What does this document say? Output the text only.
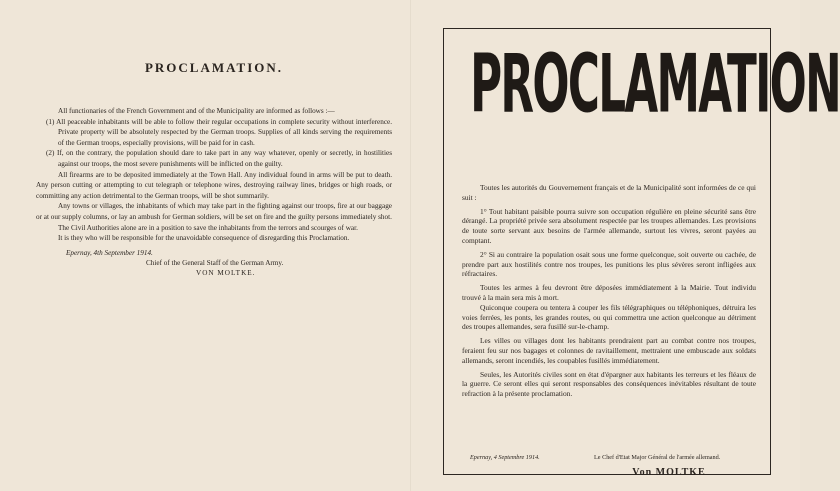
PROCLAMATION.

All functionaries of the French Government and of the Municipality are informed as follows :—

(1) All peaceable inhabitants will be able to follow their regular occupations in complete security without interference. Private property will be absolutely respected by the German troops. Supplies of all kinds serving the requirements of the German troops, especially provisions, will be paid for in cash.

(2) If, on the contrary, the population should dare to take part in any way whatever, openly or secretly, in hostilities against our troops, the most severe punishments will be inflicted on the guilty.

All firearms are to be deposited immediately at the Town Hall. Any individual found in arms will be put to death. Any person cutting or attempting to cut telegraph or telephone wires, destroying railway lines, bridges or high roads, or committing any action detrimental to the German troops, will be shot summarily.

Any towns or villages, the inhabitants of which may take part in the fighting against our troops, fire at our baggage or at our supply columns, or lay an ambush for German soldiers, will be set on fire and the guilty persons immediately shot.

The Civil Authorities alone are in a position to save the inhabitants from the terrors and scourges of war.

It is they who will be responsible for the unavoidable consequence of disregarding this Proclamation.

Epernay, 4th September 1914.
Chief of the General Staff of the German Army.
VON MOLTKE.
PROCLAMATION

Toutes les autorités du Gouvernement français et de la Municipalité sont informées de ce qui suit :

1° Tout habitant paisible pourra suivre son occupation régulière en pleine sécurité sans être dérangé. La propriété privée sera absolument respectée par les troupes allemandes. Les provisions de toute sorte servant aux besoins de l'armée allemande, surtout les vivres, seront payées au comptant.

2° Si au contraire la population osait sous une forme quelconque, soit ouverte ou cachée, de prendre part aux hostilités contre nos troupes, les punitions les plus sévères seront infligées aux réfractaires.

Toutes les armes à feu devront être déposées immédiatement à la Mairie. Tout individu trouvé à la main sera mis à mort.

Quiconque coupera ou tentera à couper les fils télégraphiques ou téléphoniques, détruira les voies ferrées, les ponts, les grandes routes, ou qui commettra une action quelconque au détriment des troupes allemandes, sera fusillé sur-le-champ.

Les villes ou villages dont les habitants prendraient part au combat contre nos troupes, feraient feu sur nos bagages et colonnes de ravitaillement, mettraient une embuscade aux soldats allemands, seront incendiés, les coupables fusillés immédiatement.

Seules, les Autorités civiles sont en état d'épargner aux habitants les terreurs et les fléaux de la guerre. Ce seront elles qui seront responsables des conséquences inévitables résultant de toute refraction à la présente proclamation.

Epernay, 4 Septembre 1914.	Le Chef d'Etat Major Général de l'armée allemand.
Von MOLTKE
